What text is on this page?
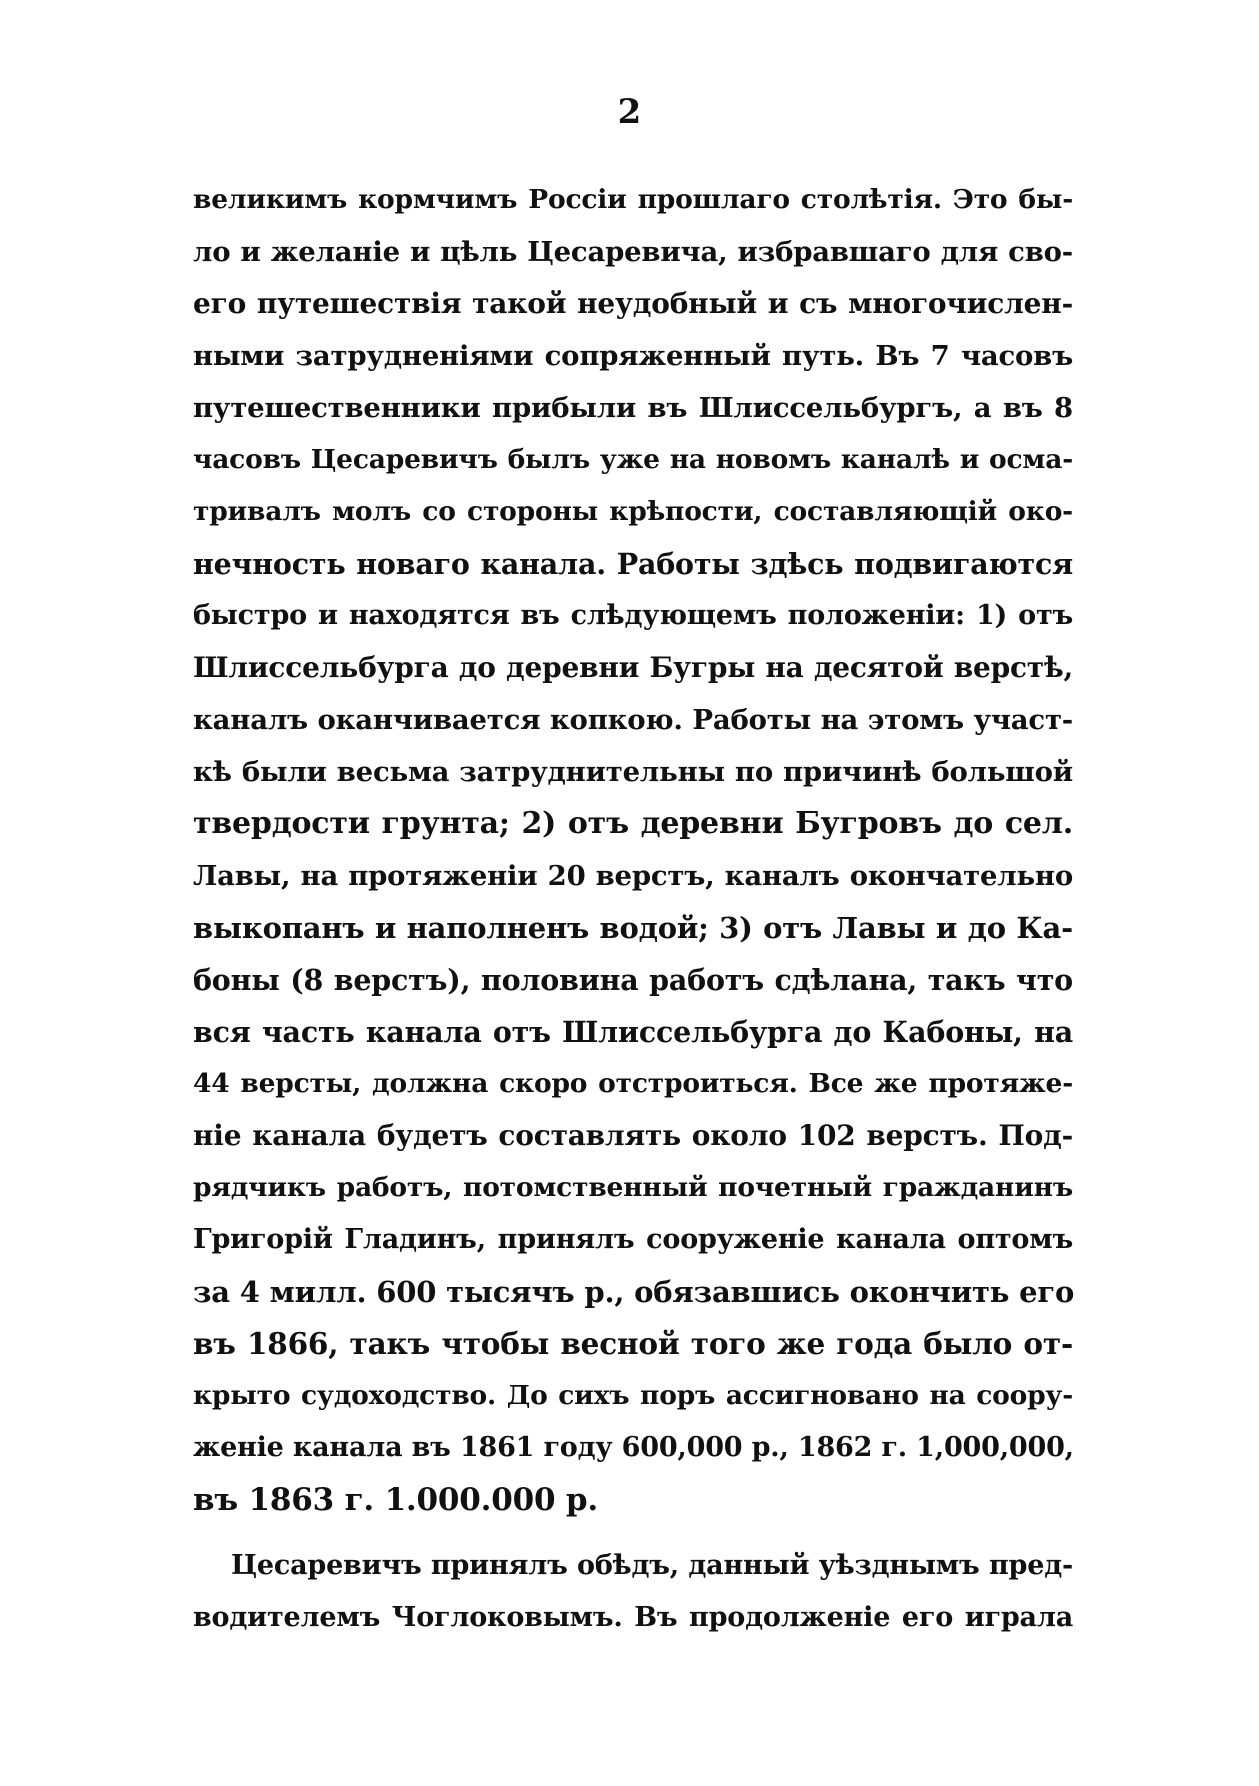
2
великимъ кормчимъ Россіи прошлаго столѣтія. Это бы-
ло и желаніе и цѣль Цесаревича, избравшаго для сво-
его путешествія такой неудобный и съ многочислен-
ными затрудненіями сопряженный путь. Въ 7 часовъ
путешественники прибыли въ Шлиссельбургъ, а въ 8
часовъ Цесаревичъ былъ уже на новомъ каналѣ и осма-
тривалъ молъ со стороны крѣпости, составляющій око-
нечность новаго канала. Работы здѣсь подвигаются
быстро и находятся въ слѣдующемъ положеніи: 1) отъ
Шлиссельбурга до деревни Бугры на десятой верстѣ,
каналъ оканчивается копкою. Работы на этомъ участ-
кѣ были весьма затруднительны по причинѣ большой
твердости грунта; 2) отъ деревни Бугровъ до сел.
Лавы, на протяженіи 20 верстъ, каналъ окончательно
выкопанъ и наполненъ водой; 3) отъ Лавы и до Ка-
боны (8 верстъ), половина работъ сдѣлана, такъ что
вся часть канала отъ Шлиссельбурга до Кабоны, на
44 версты, должна скоро отстроиться. Все же протяже-
ніе канала будетъ составлять около 102 верстъ. Под-
рядчикъ работъ, потомственный почетный гражданинъ
Григорій Гладинъ, принялъ сооруженіе канала оптомъ
за 4 милл. 600 тысячъ р., обязавшись окончить его
въ 1866, такъ чтобы весной того же года было от-
крыто судоходство. До сихъ поръ ассигновано на соору-
женіе канала въ 1861 году 600,000 р., 1862 г. 1,000,000,
въ 1863 г. 1.000.000 р.
Цесаревичъ принялъ обѣдъ, данный уѣзднымъ пред-
водителемъ Чоглоковымъ. Въ продолженіе его играла
